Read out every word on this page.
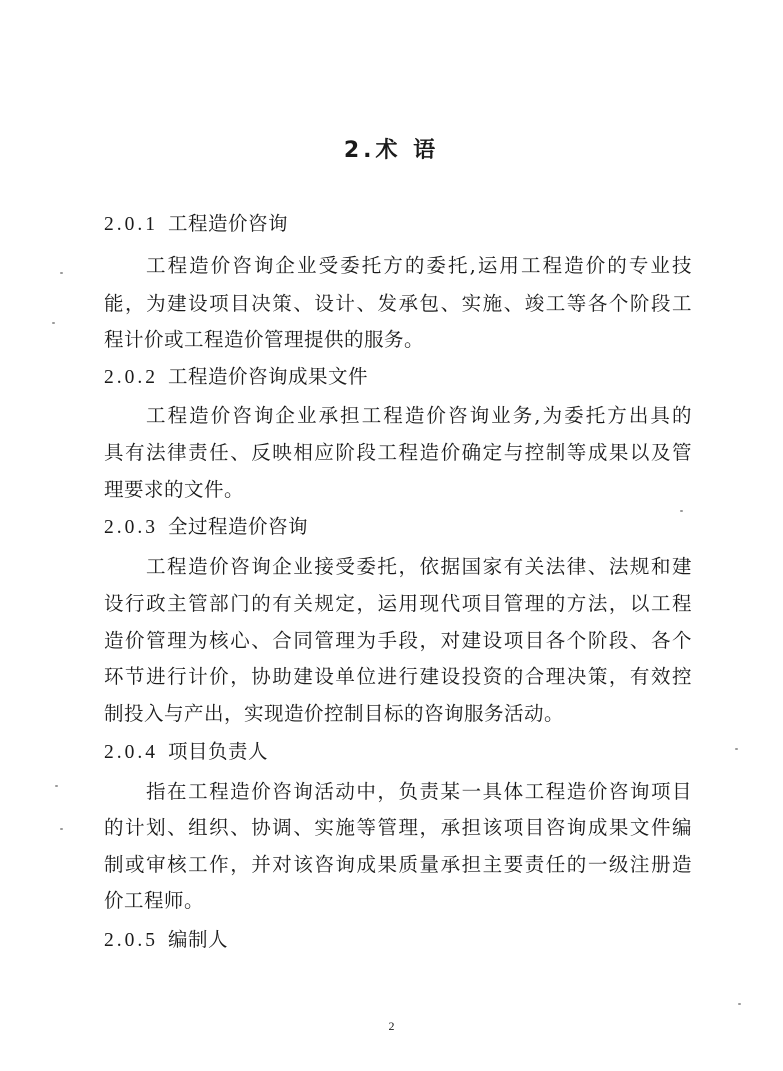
2.术 语
2.0.1 工程造价咨询
工程造价咨询企业受委托方的委托,运用工程造价的专业技
能，为建设项目决策、设计、发承包、实施、竣工等各个阶段工
程计价或工程造价管理提供的服务。
2.0.2 工程造价咨询成果文件
工程造价咨询企业承担工程造价咨询业务,为委托方出具的
具有法律责任、反映相应阶段工程造价确定与控制等成果以及管
理要求的文件。
2.0.3 全过程造价咨询
工程造价咨询企业接受委托，依据国家有关法律、法规和建
设行政主管部门的有关规定，运用现代项目管理的方法，以工程
造价管理为核心、合同管理为手段，对建设项目各个阶段、各个
环节进行计价，协助建设单位进行建设投资的合理决策，有效控
制投入与产出，实现造价控制目标的咨询服务活动。
2.0.4 项目负责人
指在工程造价咨询活动中，负责某一具体工程造价咨询项目
的计划、组织、协调、实施等管理，承担该项目咨询成果文件编
制或审核工作，并对该咨询成果质量承担主要责任的一级注册造
价工程师。
2.0.5 编制人
2
